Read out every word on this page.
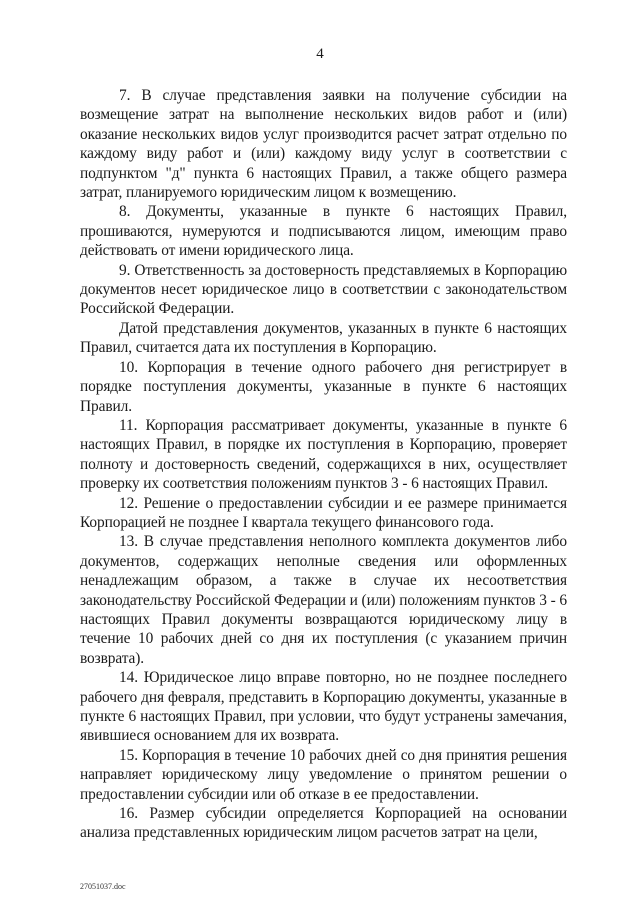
4

7. В случае представления заявки на получение субсидии на возмещение затрат на выполнение нескольких видов работ и (или) оказание нескольких видов услуг производится расчет затрат отдельно по каждому виду работ и (или) каждому виду услуг в соответствии с подпунктом "д" пункта 6 настоящих Правил, а также общего размера затрат, планируемого юридическим лицом к возмещению.

8. Документы, указанные в пункте 6 настоящих Правил, прошиваются, нумеруются и подписываются лицом, имеющим право действовать от имени юридического лица.

9. Ответственность за достоверность представляемых в Корпорацию документов несет юридическое лицо в соответствии с законодательством Российской Федерации.

Датой представления документов, указанных в пункте 6 настоящих Правил, считается дата их поступления в Корпорацию.

10. Корпорация в течение одного рабочего дня регистрирует в порядке поступления документы, указанные в пункте 6 настоящих Правил.

11. Корпорация рассматривает документы, указанные в пункте 6 настоящих Правил, в порядке их поступления в Корпорацию, проверяет полноту и достоверность сведений, содержащихся в них, осуществляет проверку их соответствия положениям пунктов 3 - 6 настоящих Правил.

12. Решение о предоставлении субсидии и ее размере принимается Корпорацией не позднее I квартала текущего финансового года.

13. В случае представления неполного комплекта документов либо документов, содержащих неполные сведения или оформленных ненадлежащим образом, а также в случае их несоответствия законодательству Российской Федерации и (или) положениям пунктов 3 - 6 настоящих Правил документы возвращаются юридическому лицу в течение 10 рабочих дней со дня их поступления (с указанием причин возврата).

14. Юридическое лицо вправе повторно, но не позднее последнего рабочего дня февраля, представить в Корпорацию документы, указанные в пункте 6 настоящих Правил, при условии, что будут устранены замечания, явившиеся основанием для их возврата.

15. Корпорация в течение 10 рабочих дней со дня принятия решения направляет юридическому лицу уведомление о принятом решении о предоставлении субсидии или об отказе в ее предоставлении.

16. Размер субсидии определяется Корпорацией на основании анализа представленных юридическим лицом расчетов затрат на цели,

27051037.doc
